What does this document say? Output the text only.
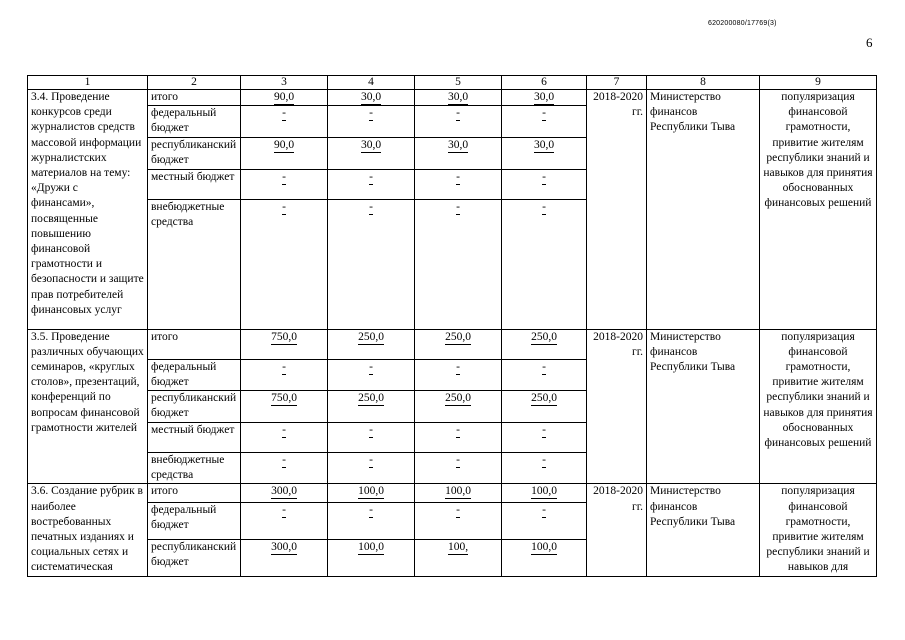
620200080/17769(3)
6
1	2	3	4	5	6	7	8	9
3.4. Проведение конкурсов среди журналистов средств массовой информации журналистских материалов на тему: «Дружи с финансами», посвященные повышению финансовой грамотности и безопасности и защите прав потребителей финансовых услуг	итого	90,0	30,0	30,0	30,0	2018-2020 гг.	Министерство финансов Республики Тыва	популяризация финансовой грамотности, привитие жителям республики знаний и навыков для принятия обоснованных финансовых решений
	федеральный бюджет	-	-	-	-			
	республиканский бюджет	90,0	30,0	30,0	30,0			
	местный бюджет	-	-	-	-			
	внебюджетные средства	-	-	-	-			
3.5. Проведение различных обучающих семинаров, «круглых столов», презентаций, конференций по вопросам финансовой грамотности жителей	итого	750,0	250,0	250,0	250,0	2018-2020 гг.	Министерство финансов Республики Тыва	популяризация финансовой грамотности, привитие жителям республики знаний и навыков для принятия обоснованных финансовых решений
	федеральный бюджет	-	-	-	-			
	республиканский бюджет	750,0	250,0	250,0	250,0			
	местный бюджет	-	-	-	-			
	внебюджетные средства	-	-	-	-			
3.6. Создание рубрик в наиболее востребованных печатных изданиях и социальных сетях и систематическая	итого	300,0	100,0	100,0	100,0	2018-2020 гг.	Министерство финансов Республики Тыва	популяризация финансовой грамотности, привитие жителям республики знаний и навыков для
	федеральный бюджет	-	-	-	-			
	республиканский бюджет	300,0	100,0	100,	100,0			
